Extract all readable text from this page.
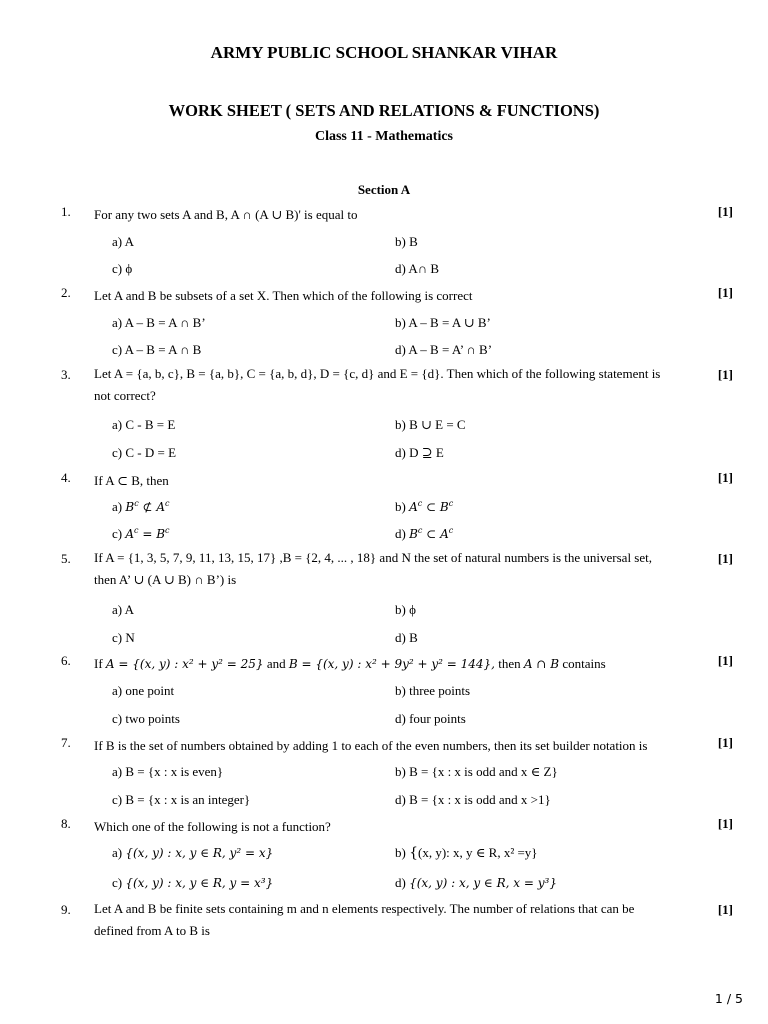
ARMY PUBLIC SCHOOL SHANKAR VIHAR
WORK SHEET ( SETS AND RELATIONS & FUNCTIONS)
Class 11 - Mathematics
Section A
1. For any two sets A and B, A ∩ (A ∪ B)' is equal to	[1]
a) A	b) B
c) ϕ	d) A∩ B
2. Let A and B be subsets of a set X. Then which of the following is correct	[1]
a) A – B = A ∩ B’	b) A – B = A ∪ B’
c) A – B = A ∩ B	d) A – B = A’ ∩ B’
3. Let A = {a, b, c}, B = {a, b}, C = {a, b, d}, D = {c, d} and E = {d}. Then which of the following statement is not correct?
[1]
a) C - B = E	b) B ∪ E = C
c) C - D = E	d) D ⊇ E
4. If A ⊂ B, then	[1]
a) $B^c$ ⊄ $A^c$	b) $A^c$ ⊂ $B^c$
c) $A^c = B^c$	d) $B^c$ ⊂ $A^c$
5. If A = {1, 3, 5, 7, 9, 11, 13, 15, 17} ,B = {2, 4, ... , 18} and N the set of natural numbers is the universal set, then A’ ∪ (A ∪ B) ∩ B’) is
[1]
a) A	b) ϕ
c) N	d) B
6. If A = {(x, y) : x² + y² = 25} and B = {(x, y) : x² + 9y² + y² = 144}, then A ∩ B contains	[1]
a) one point	b) three points
c) two points	d) four points
7. If B is the set of numbers obtained by adding 1 to each of the even numbers, then its set builder notation is	[1]
a) B = {x : x is even}	b) B = {x : x is odd and x ∈ Z}
c) B = {x : x is an integer}	d) B = {x : x is odd and x >1}
8. Which one of the following is not a function?	[1]
a) {(x, y) : x, y ∈ R, y² = x}	b) {(x, y): x, y ∈ R, x² =y}
c) {(x, y) : x, y ∈ R, y = x³}	d) {(x, y) : x, y ∈ R, x = y³}
9. Let A and B be finite sets containing m and n elements respectively. The number of relations that can be defined from A to B is
[1]
1 / 5
